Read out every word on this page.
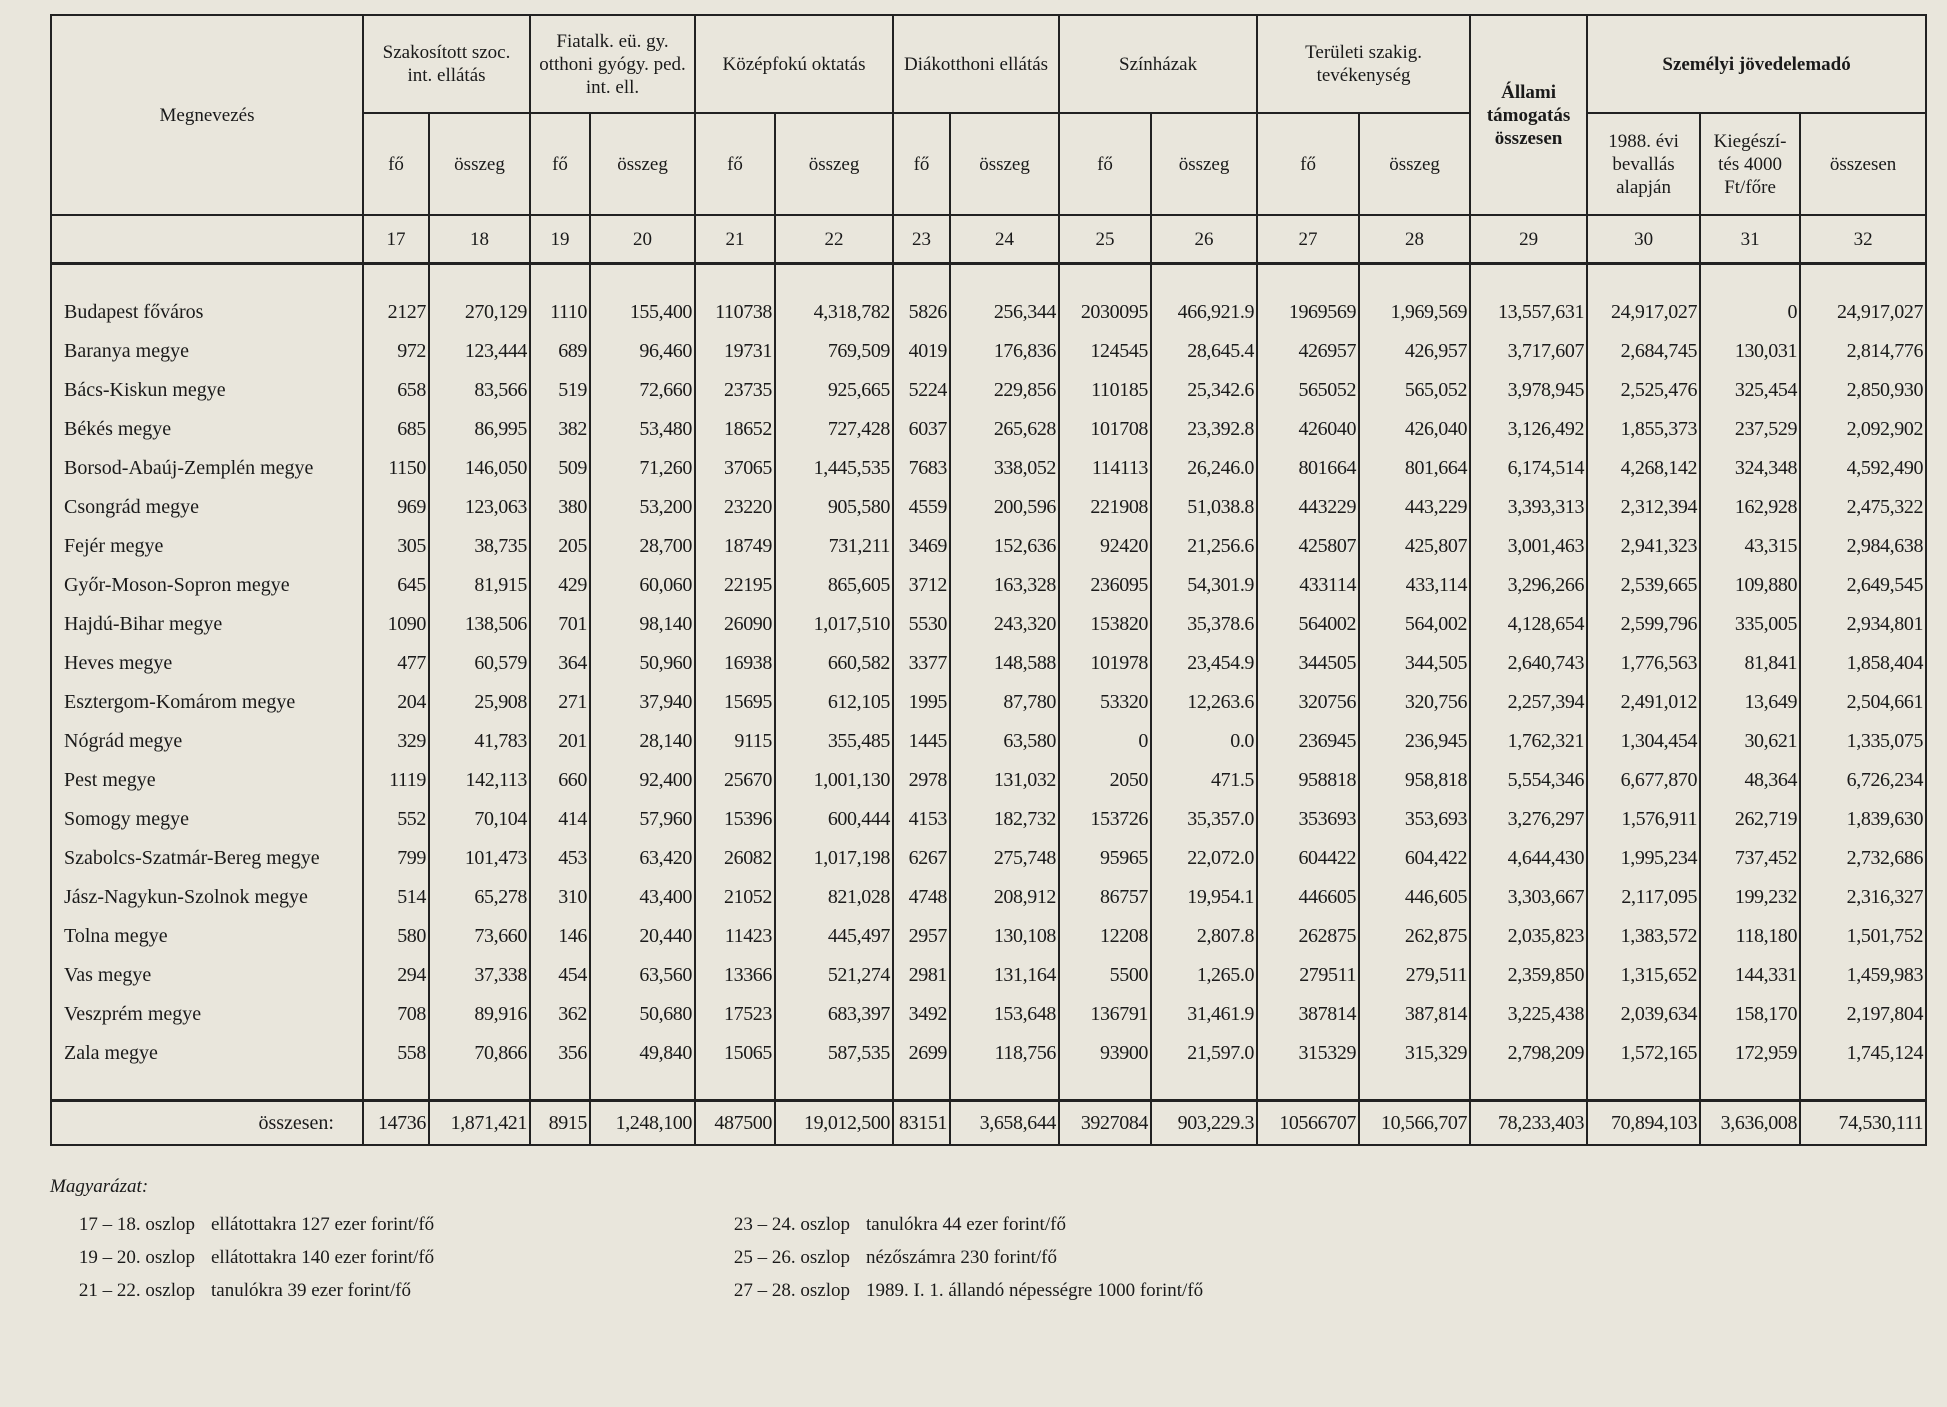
Megnevezés	Szakosított szoc. int. ellátás		Fiatalk. eü. gy. otthoni gyógy. ped. int. ell.		Középfokú oktatás		Diákotthoni ellátás		Színházak		Területi szakig. tevékenység		Állami támogatás összesen	Személyi jövedelemadó		
	fő	összeg	fő	összeg	fő	összeg	fő	összeg	fő	összeg	fő	összeg		1988. évi bevallás alapján	Kiegészí-tés 4000 Ft/főre	összesen
	17	18	19	20	21	22	23	24	25	26	27	28	29	30	31	32

Budapest főváros	2127	270,129	1110	155,400	110738	4,318,782	5826	256,344	2030095	466,921.9	1969569	1,969,569	13,557,631	24,917,027	0	24,917,027
Baranya megye	972	123,444	689	96,460	19731	769,509	4019	176,836	124545	28,645.4	426957	426,957	3,717,607	2,684,745	130,031	2,814,776
Bács-Kiskun megye	658	83,566	519	72,660	23735	925,665	5224	229,856	110185	25,342.6	565052	565,052	3,978,945	2,525,476	325,454	2,850,930
Békés megye	685	86,995	382	53,480	18652	727,428	6037	265,628	101708	23,392.8	426040	426,040	3,126,492	1,855,373	237,529	2,092,902
Borsod-Abaúj-Zemplén megye	1150	146,050	509	71,260	37065	1,445,535	7683	338,052	114113	26,246.0	801664	801,664	6,174,514	4,268,142	324,348	4,592,490
Csongrád megye	969	123,063	380	53,200	23220	905,580	4559	200,596	221908	51,038.8	443229	443,229	3,393,313	2,312,394	162,928	2,475,322
Fejér megye	305	38,735	205	28,700	18749	731,211	3469	152,636	92420	21,256.6	425807	425,807	3,001,463	2,941,323	43,315	2,984,638
Győr-Moson-Sopron megye	645	81,915	429	60,060	22195	865,605	3712	163,328	236095	54,301.9	433114	433,114	3,296,266	2,539,665	109,880	2,649,545
Hajdú-Bihar megye	1090	138,506	701	98,140	26090	1,017,510	5530	243,320	153820	35,378.6	564002	564,002	4,128,654	2,599,796	335,005	2,934,801
Heves megye	477	60,579	364	50,960	16938	660,582	3377	148,588	101978	23,454.9	344505	344,505	2,640,743	1,776,563	81,841	1,858,404
Esztergom-Komárom megye	204	25,908	271	37,940	15695	612,105	1995	87,780	53320	12,263.6	320756	320,756	2,257,394	2,491,012	13,649	2,504,661
Nógrád megye	329	41,783	201	28,140	9115	355,485	1445	63,580	0	0.0	236945	236,945	1,762,321	1,304,454	30,621	1,335,075
Pest megye	1119	142,113	660	92,400	25670	1,001,130	2978	131,032	2050	471.5	958818	958,818	5,554,346	6,677,870	48,364	6,726,234
Somogy megye	552	70,104	414	57,960	15396	600,444	4153	182,732	153726	35,357.0	353693	353,693	3,276,297	1,576,911	262,719	1,839,630
Szabolcs-Szatmár-Bereg megye	799	101,473	453	63,420	26082	1,017,198	6267	275,748	95965	22,072.0	604422	604,422	4,644,430	1,995,234	737,452	2,732,686
Jász-Nagykun-Szolnok megye	514	65,278	310	43,400	21052	821,028	4748	208,912	86757	19,954.1	446605	446,605	3,303,667	2,117,095	199,232	2,316,327
Tolna megye	580	73,660	146	20,440	11423	445,497	2957	130,108	12208	2,807.8	262875	262,875	2,035,823	1,383,572	118,180	1,501,752
Vas megye	294	37,338	454	63,560	13366	521,274	2981	131,164	5500	1,265.0	279511	279,511	2,359,850	1,315,652	144,331	1,459,983
Veszprém megye	708	89,916	362	50,680	17523	683,397	3492	153,648	136791	31,461.9	387814	387,814	3,225,438	2,039,634	158,170	2,197,804
Zala megye	558	70,866	356	49,840	15065	587,535	2699	118,756	93900	21,597.0	315329	315,329	2,798,209	1,572,165	172,959	1,745,124

összesen:	14736	1,871,421	8915	1,248,100	487500	19,012,500	83151	3,658,644	3927084	903,229.3	10566707	10,566,707	78,233,403	70,894,103	3,636,008	74,530,111
Magyarázat:
17 – 18. oszlop ellátottakra 127 ezer forint/fő
19 – 20. oszlop ellátottakra 140 ezer forint/fő
21 – 22. oszlop tanulókra 39 ezer forint/fő
23 – 24. oszlop tanulókra 44 ezer forint/fő
25 – 26. oszlop nézőszámra 230 forint/fő
27 – 28. oszlop 1989. I. 1. állandó népességre 1000 forint/fő
